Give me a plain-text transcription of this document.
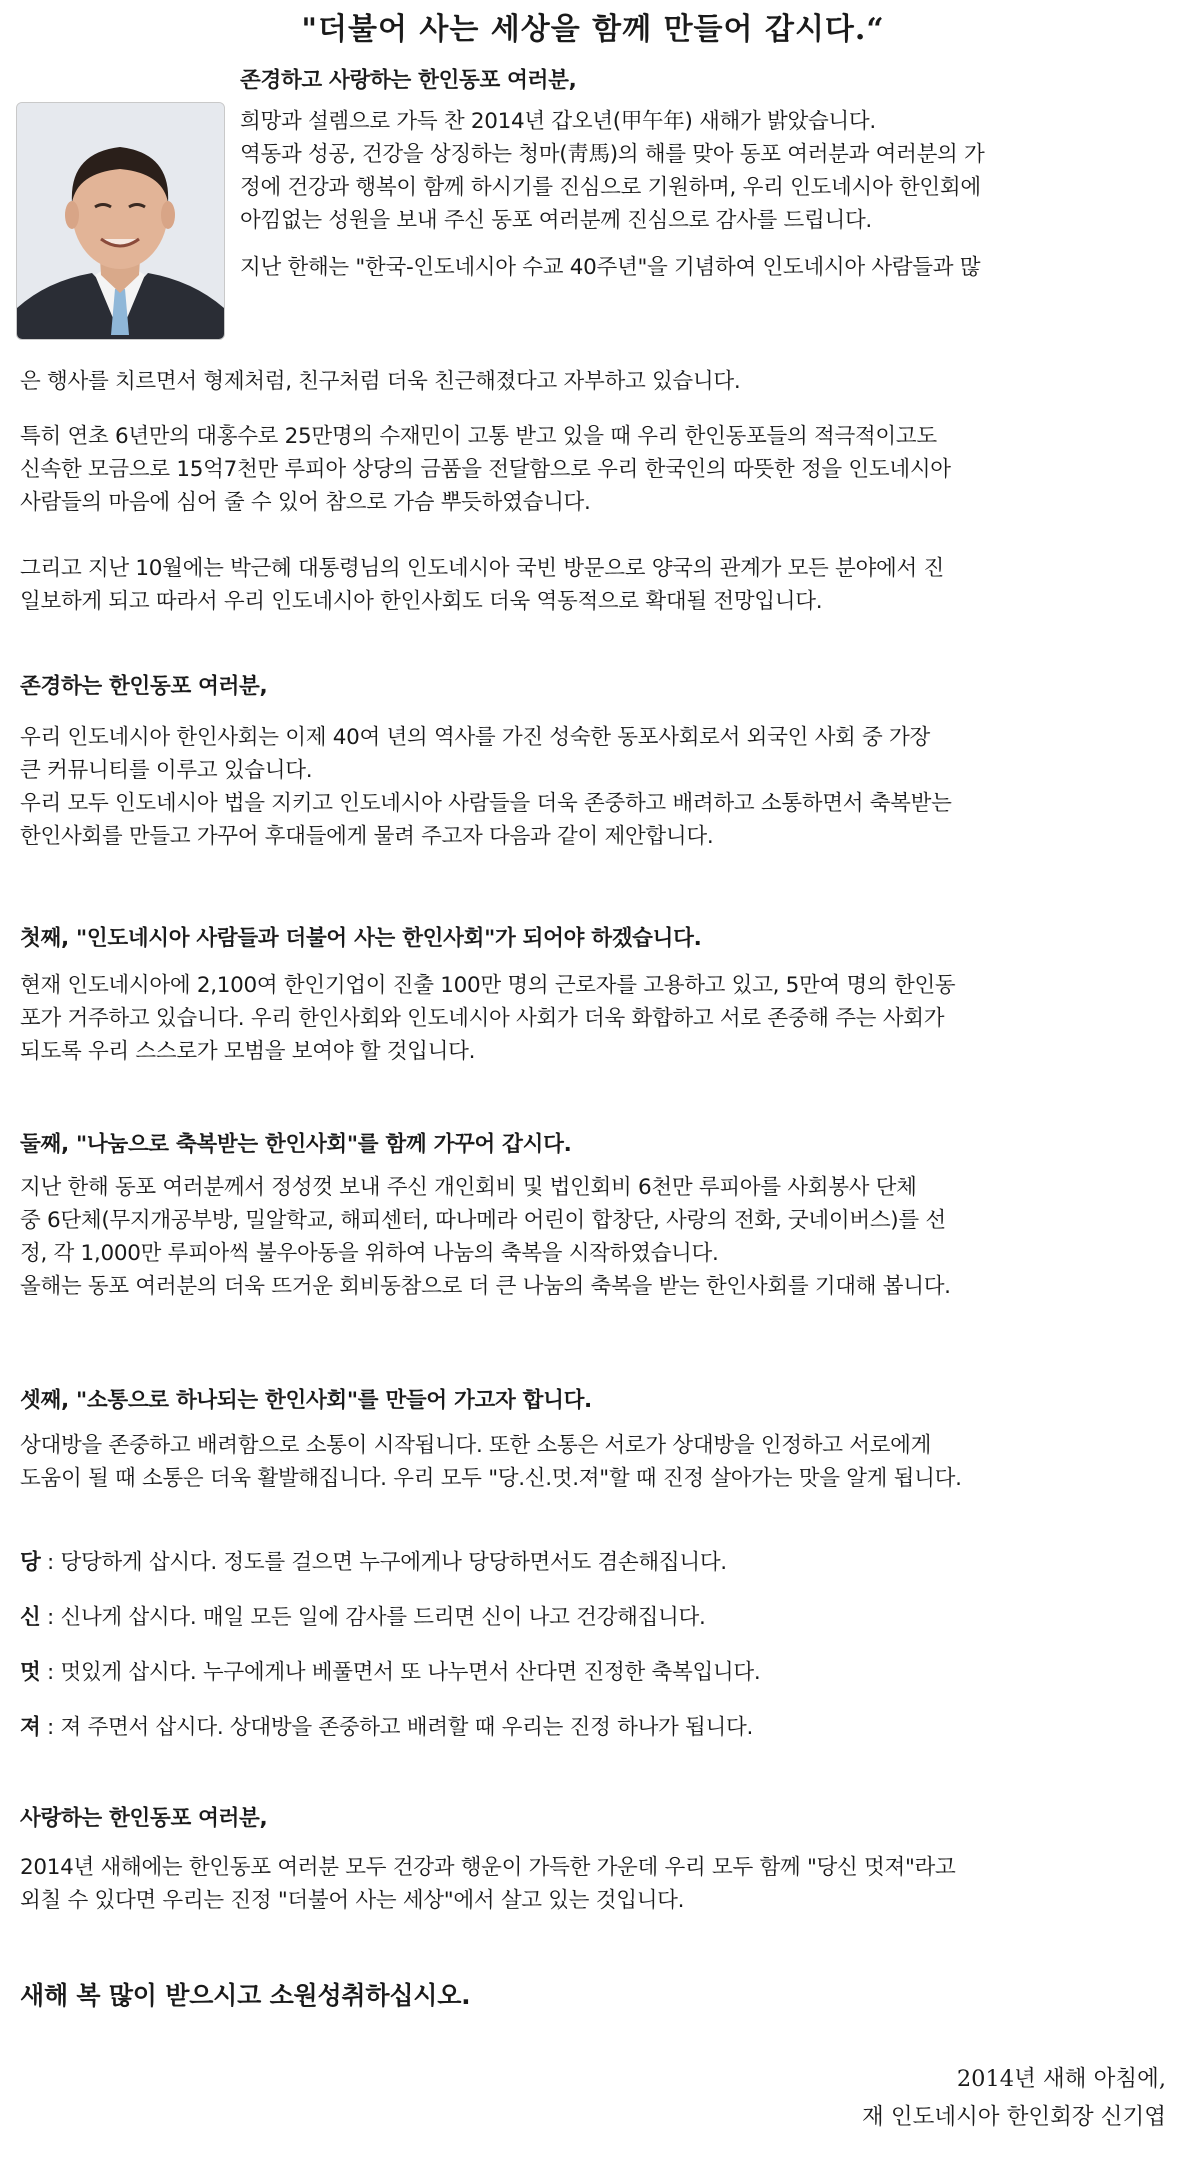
"더불어 사는 세상을 함께 만들어 갑시다.“

존경하고 사랑하는 한인동포 여러분,

희망과 설렘으로 가득 찬 2014년 갑오년(甲午年) 새해가 밝았습니다.

역동과 성공, 건강을 상징하는 청마(靑馬)의 해를 맞아 동포 여러분과 여러분의 가

정에 건강과 행복이 함께 하시기를 진심으로 기원하며, 우리 인도네시아 한인회에

아낌없는 성원을 보내 주신 동포 여러분께 진심으로 감사를 드립니다.

지난 한해는 "한국-인도네시아 수교 40주년"을 기념하여 인도네시아 사람들과 많

은 행사를 치르면서 형제처럼, 친구처럼 더욱 친근해졌다고 자부하고 있습니다.

특히 연초 6년만의 대홍수로 25만명의 수재민이 고통 받고 있을 때 우리 한인동포들의 적극적이고도

신속한 모금으로 15억7천만 루피아 상당의 금품을 전달함으로 우리 한국인의 따뜻한 정을 인도네시아

사람들의 마음에 심어 줄 수 있어 참으로 가슴 뿌듯하였습니다.

그리고 지난 10월에는 박근혜 대통령님의 인도네시아 국빈 방문으로 양국의 관계가 모든 분야에서 진

일보하게 되고 따라서 우리 인도네시아 한인사회도 더욱 역동적으로 확대될 전망입니다.

존경하는 한인동포 여러분,

우리 인도네시아 한인사회는 이제 40여 년의 역사를 가진 성숙한 동포사회로서 외국인 사회 중 가장

큰 커뮤니티를 이루고 있습니다.

우리 모두 인도네시아 법을 지키고 인도네시아 사람들을 더욱 존중하고 배려하고 소통하면서 축복받는

한인사회를 만들고 가꾸어 후대들에게 물려 주고자 다음과 같이 제안합니다.

첫째, "인도네시아 사람들과 더불어 사는 한인사회"가 되어야 하겠습니다.

현재 인도네시아에 2,100여 한인기업이 진출 100만 명의 근로자를 고용하고 있고, 5만여 명의 한인동

포가 거주하고 있습니다. 우리 한인사회와 인도네시아 사회가 더욱 화합하고 서로 존중해 주는 사회가

되도록 우리 스스로가 모범을 보여야 할 것입니다.

둘째, "나눔으로 축복받는 한인사회"를 함께 가꾸어 갑시다.

지난 한해 동포 여러분께서 정성껏 보내 주신 개인회비 및 법인회비 6천만 루피아를 사회봉사 단체

중 6단체(무지개공부방, 밀알학교, 해피센터, 따나메라 어린이 합창단, 사랑의 전화, 굿네이버스)를 선

정, 각 1,000만 루피아씩 불우아동을 위하여 나눔의 축복을 시작하였습니다.

올해는 동포 여러분의 더욱 뜨거운 회비동참으로 더 큰 나눔의 축복을 받는 한인사회를 기대해 봅니다.

셋째, "소통으로 하나되는 한인사회"를 만들어 가고자 합니다.

상대방을 존중하고 배려함으로 소통이 시작됩니다. 또한 소통은 서로가 상대방을 인정하고 서로에게

도움이 될 때 소통은 더욱 활발해집니다. 우리 모두 "당.신.멋.져"할 때 진정 살아가는 맛을 알게 됩니다.

당 : 당당하게 삽시다. 정도를 걸으면 누구에게나 당당하면서도 겸손해집니다.

신 : 신나게 삽시다. 매일 모든 일에 감사를 드리면 신이 나고 건강해집니다.

멋 : 멋있게 삽시다. 누구에게나 베풀면서 또 나누면서 산다면 진정한 축복입니다.

져 : 져 주면서 삽시다. 상대방을 존중하고 배려할 때 우리는 진정 하나가 됩니다.

사랑하는 한인동포 여러분,

2014년 새해에는 한인동포 여러분 모두 건강과 행운이 가득한 가운데 우리 모두 함께 "당신 멋져"라고

외칠 수 있다면 우리는 진정 "더불어 사는 세상"에서 살고 있는 것입니다.

새해 복 많이 받으시고 소원성취하십시오.
2014년 새해 아침에,
재 인도네시아 한인회장 신기엽
